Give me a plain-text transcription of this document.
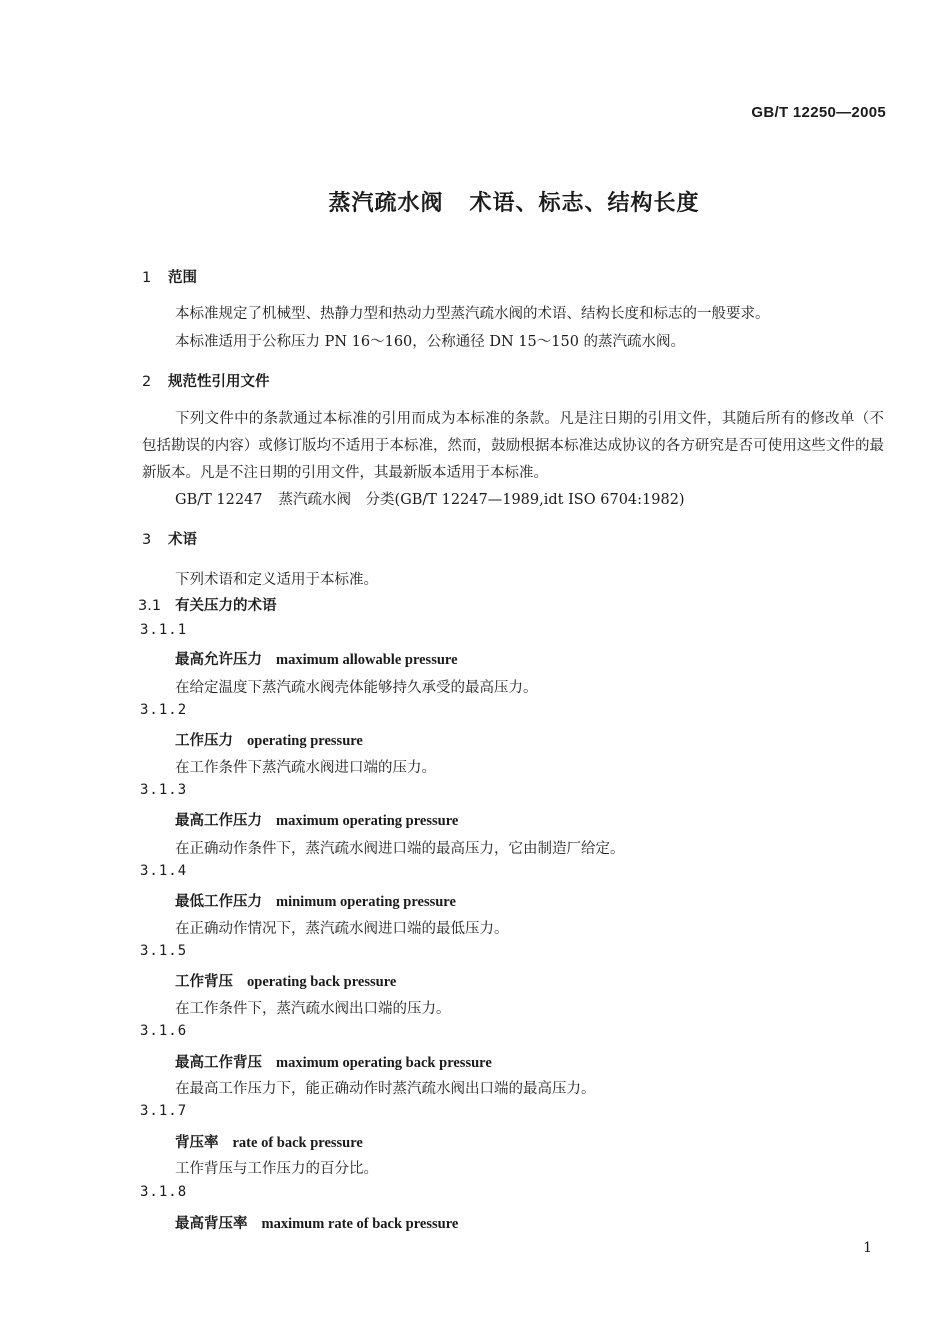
GB/T 12250—2005
蒸汽疏水阀 术语、标志、结构长度
1 范围
本标准规定了机械型、热静力型和热动力型蒸汽疏水阀的术语、结构长度和标志的一般要求。
本标准适用于公称压力 PN 16～160，公称通径 DN 15～150 的蒸汽疏水阀。
2 规范性引用文件
下列文件中的条款通过本标准的引用而成为本标准的条款。凡是注日期的引用文件，其随后所有的修改单（不包括勘误的内容）或修订版均不适用于本标准，然而，鼓励根据本标准达成协议的各方研究是否可使用这些文件的最新版本。凡是不注日期的引用文件，其最新版本适用于本标准。
GB/T 12247 蒸汽疏水阀　分类(GB/T 12247—1989,idt ISO 6704:1982)
3 术语
下列术语和定义适用于本标准。
3.1 有关压力的术语
3.1.1
最高允许压力 maximum allowable pressure
在给定温度下蒸汽疏水阀壳体能够持久承受的最高压力。
3.1.2
工作压力 operating pressure
在工作条件下蒸汽疏水阀进口端的压力。
3.1.3
最高工作压力 maximum operating pressure
在正确动作条件下，蒸汽疏水阀进口端的最高压力，它由制造厂给定。
3.1.4
最低工作压力 minimum operating pressure
在正确动作情况下，蒸汽疏水阀进口端的最低压力。
3.1.5
工作背压 operating back pressure
在工作条件下，蒸汽疏水阀出口端的压力。
3.1.6
最高工作背压 maximum operating back pressure
在最高工作压力下，能正确动作时蒸汽疏水阀出口端的最高压力。
3.1.7
背压率 rate of back pressure
工作背压与工作压力的百分比。
3.1.8
最高背压率 maximum rate of back pressure
1
